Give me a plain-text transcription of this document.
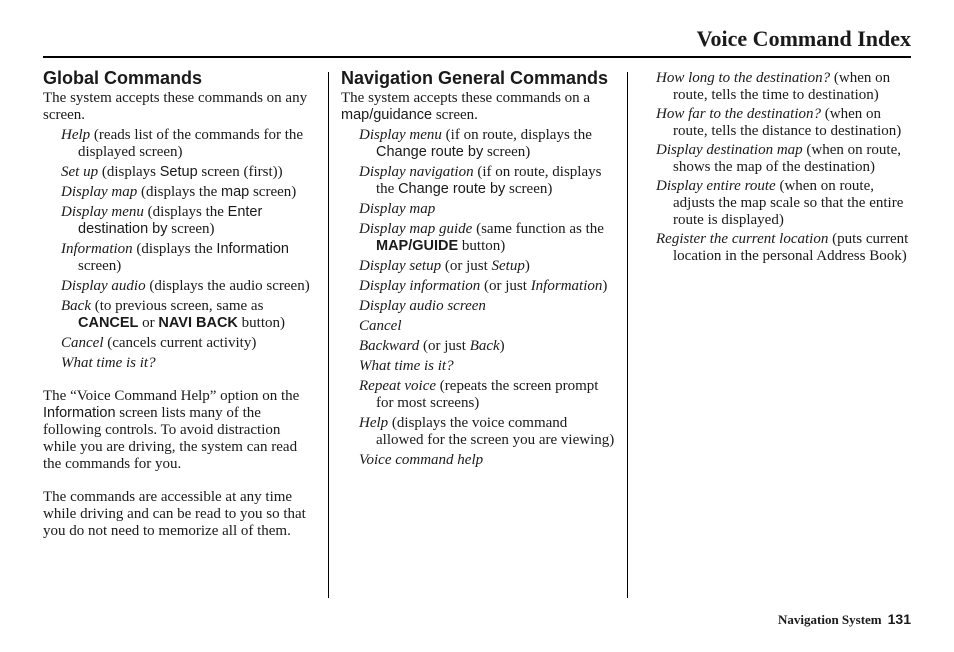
Voice Command Index
Global Commands

The system accepts these commands on any screen.

Help (reads list of the commands for the displayed screen)

Set up (displays Setup screen (first))

Display map (displays the map screen)

Display menu (displays the Enter destination by screen)

Information (displays the Information screen)

Display audio (displays the audio screen)

Back (to previous screen, same as CANCEL or NAVI BACK button)

Cancel (cancels current activity)

What time is it?

The “Voice Command Help” option on the Information screen lists many of the following controls. To avoid distraction while you are driving, the system can read the commands for you.

The commands are accessible at any time while driving and can be read to you so that you do not need to memorize all of them.

Navigation General Commands

The system accepts these commands on a map/guidance screen.

Display menu (if on route, displays the Change route by screen)

Display navigation (if on route, displays the Change route by screen)

Display map

Display map guide (same function as the MAP/GUIDE button)

Display setup (or just Setup)

Display information (or just Information)

Display audio screen

Cancel

Backward (or just Back)

What time is it?

Repeat voice (repeats the screen prompt for most screens)

Help (displays the voice command allowed for the screen you are viewing)

Voice command help

How long to the destination? (when on route, tells the time to destination)

How far to the destination? (when on route, tells the distance to destination)

Display destination map (when on route, shows the map of the destination)

Display entire route (when on route, adjusts the map scale so that the entire route is displayed)

Register the current location (puts current location in the personal Address Book)

Navigation System 131
